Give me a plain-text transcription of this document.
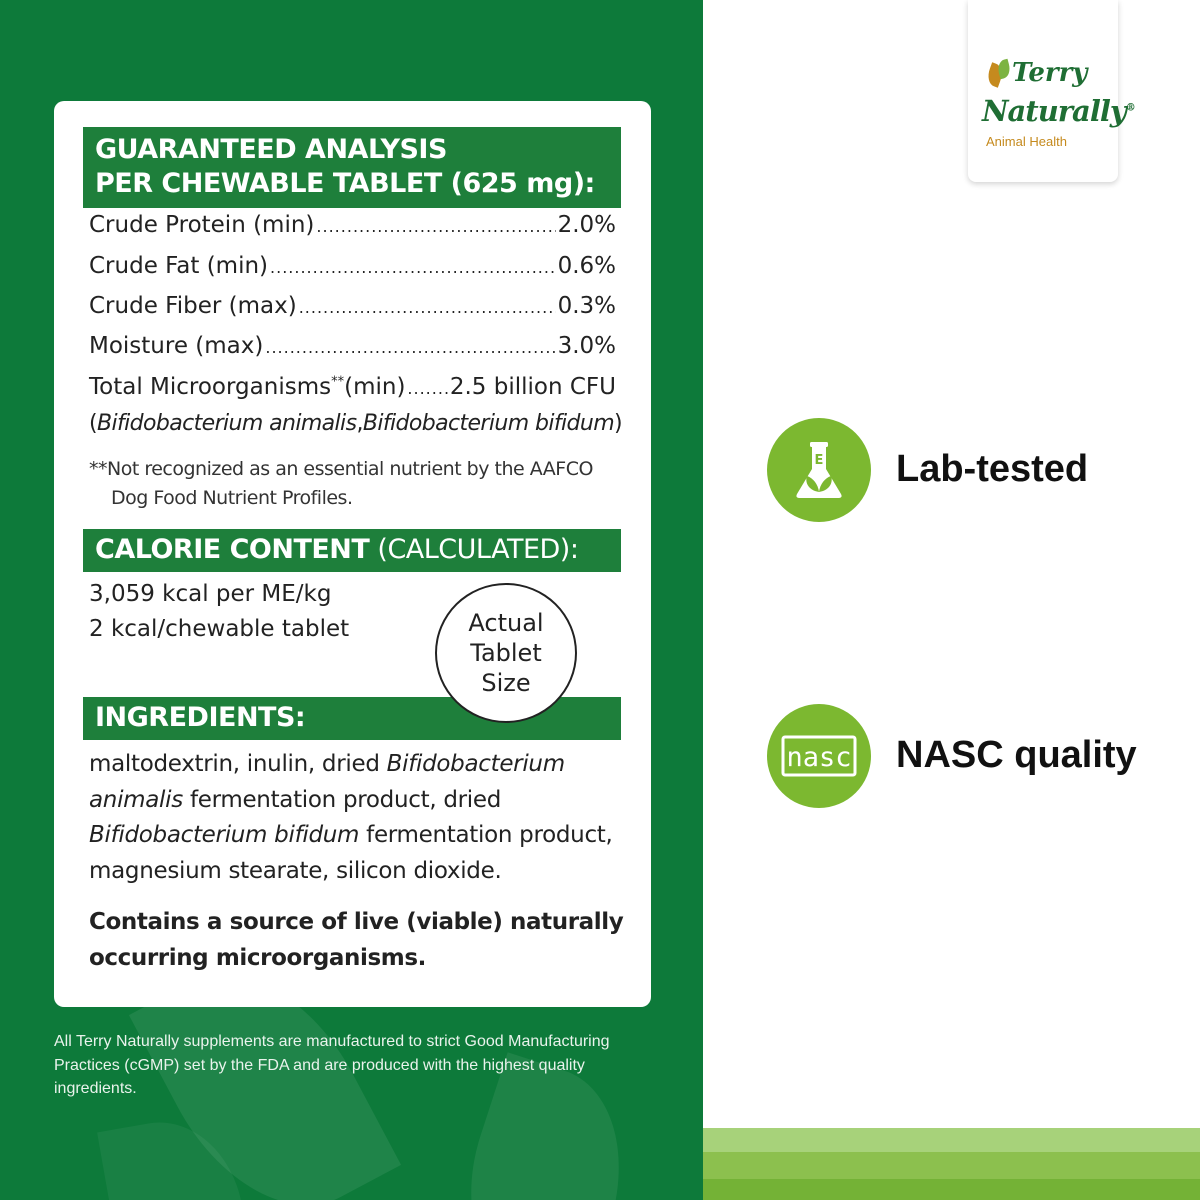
GUARANTEED ANALYSIS
PER CHEWABLE TABLET (625 mg):
Crude Protein (min) .....	2.0%
Crude Fat (min) .....	0.6%
Crude Fiber (max) .....	0.3%
Moisture (max) .....	3.0%
Total Microorganisms**(min) ..... 2.5 billion CFU
(Bifidobacterium animalis,Bifidobacterium bifidum)
**Not recognized as an essential nutrient by the AAFCO
Dog Food Nutrient Profiles.
CALORIE CONTENT (CALCULATED):
3,059 kcal per ME/kg
2 kcal/chewable tablet	Actual
Tablet
Size
INGREDIENTS:
maltodextrin, inulin, dried Bifidobacterium animalis fermentation product, dried Bifidobacterium bifidum fermentation product, magnesium stearate, silicon dioxide.
Contains a source of live (viable) naturally occurring microorganisms.
All Terry Naturally supplements are manufactured to strict Good Manufacturing Practices (cGMP) set by the FDA and are produced with the highest quality ingredients.
Terry
Naturally®
Animal Health
E Lab-tested
nasc NASC quality
